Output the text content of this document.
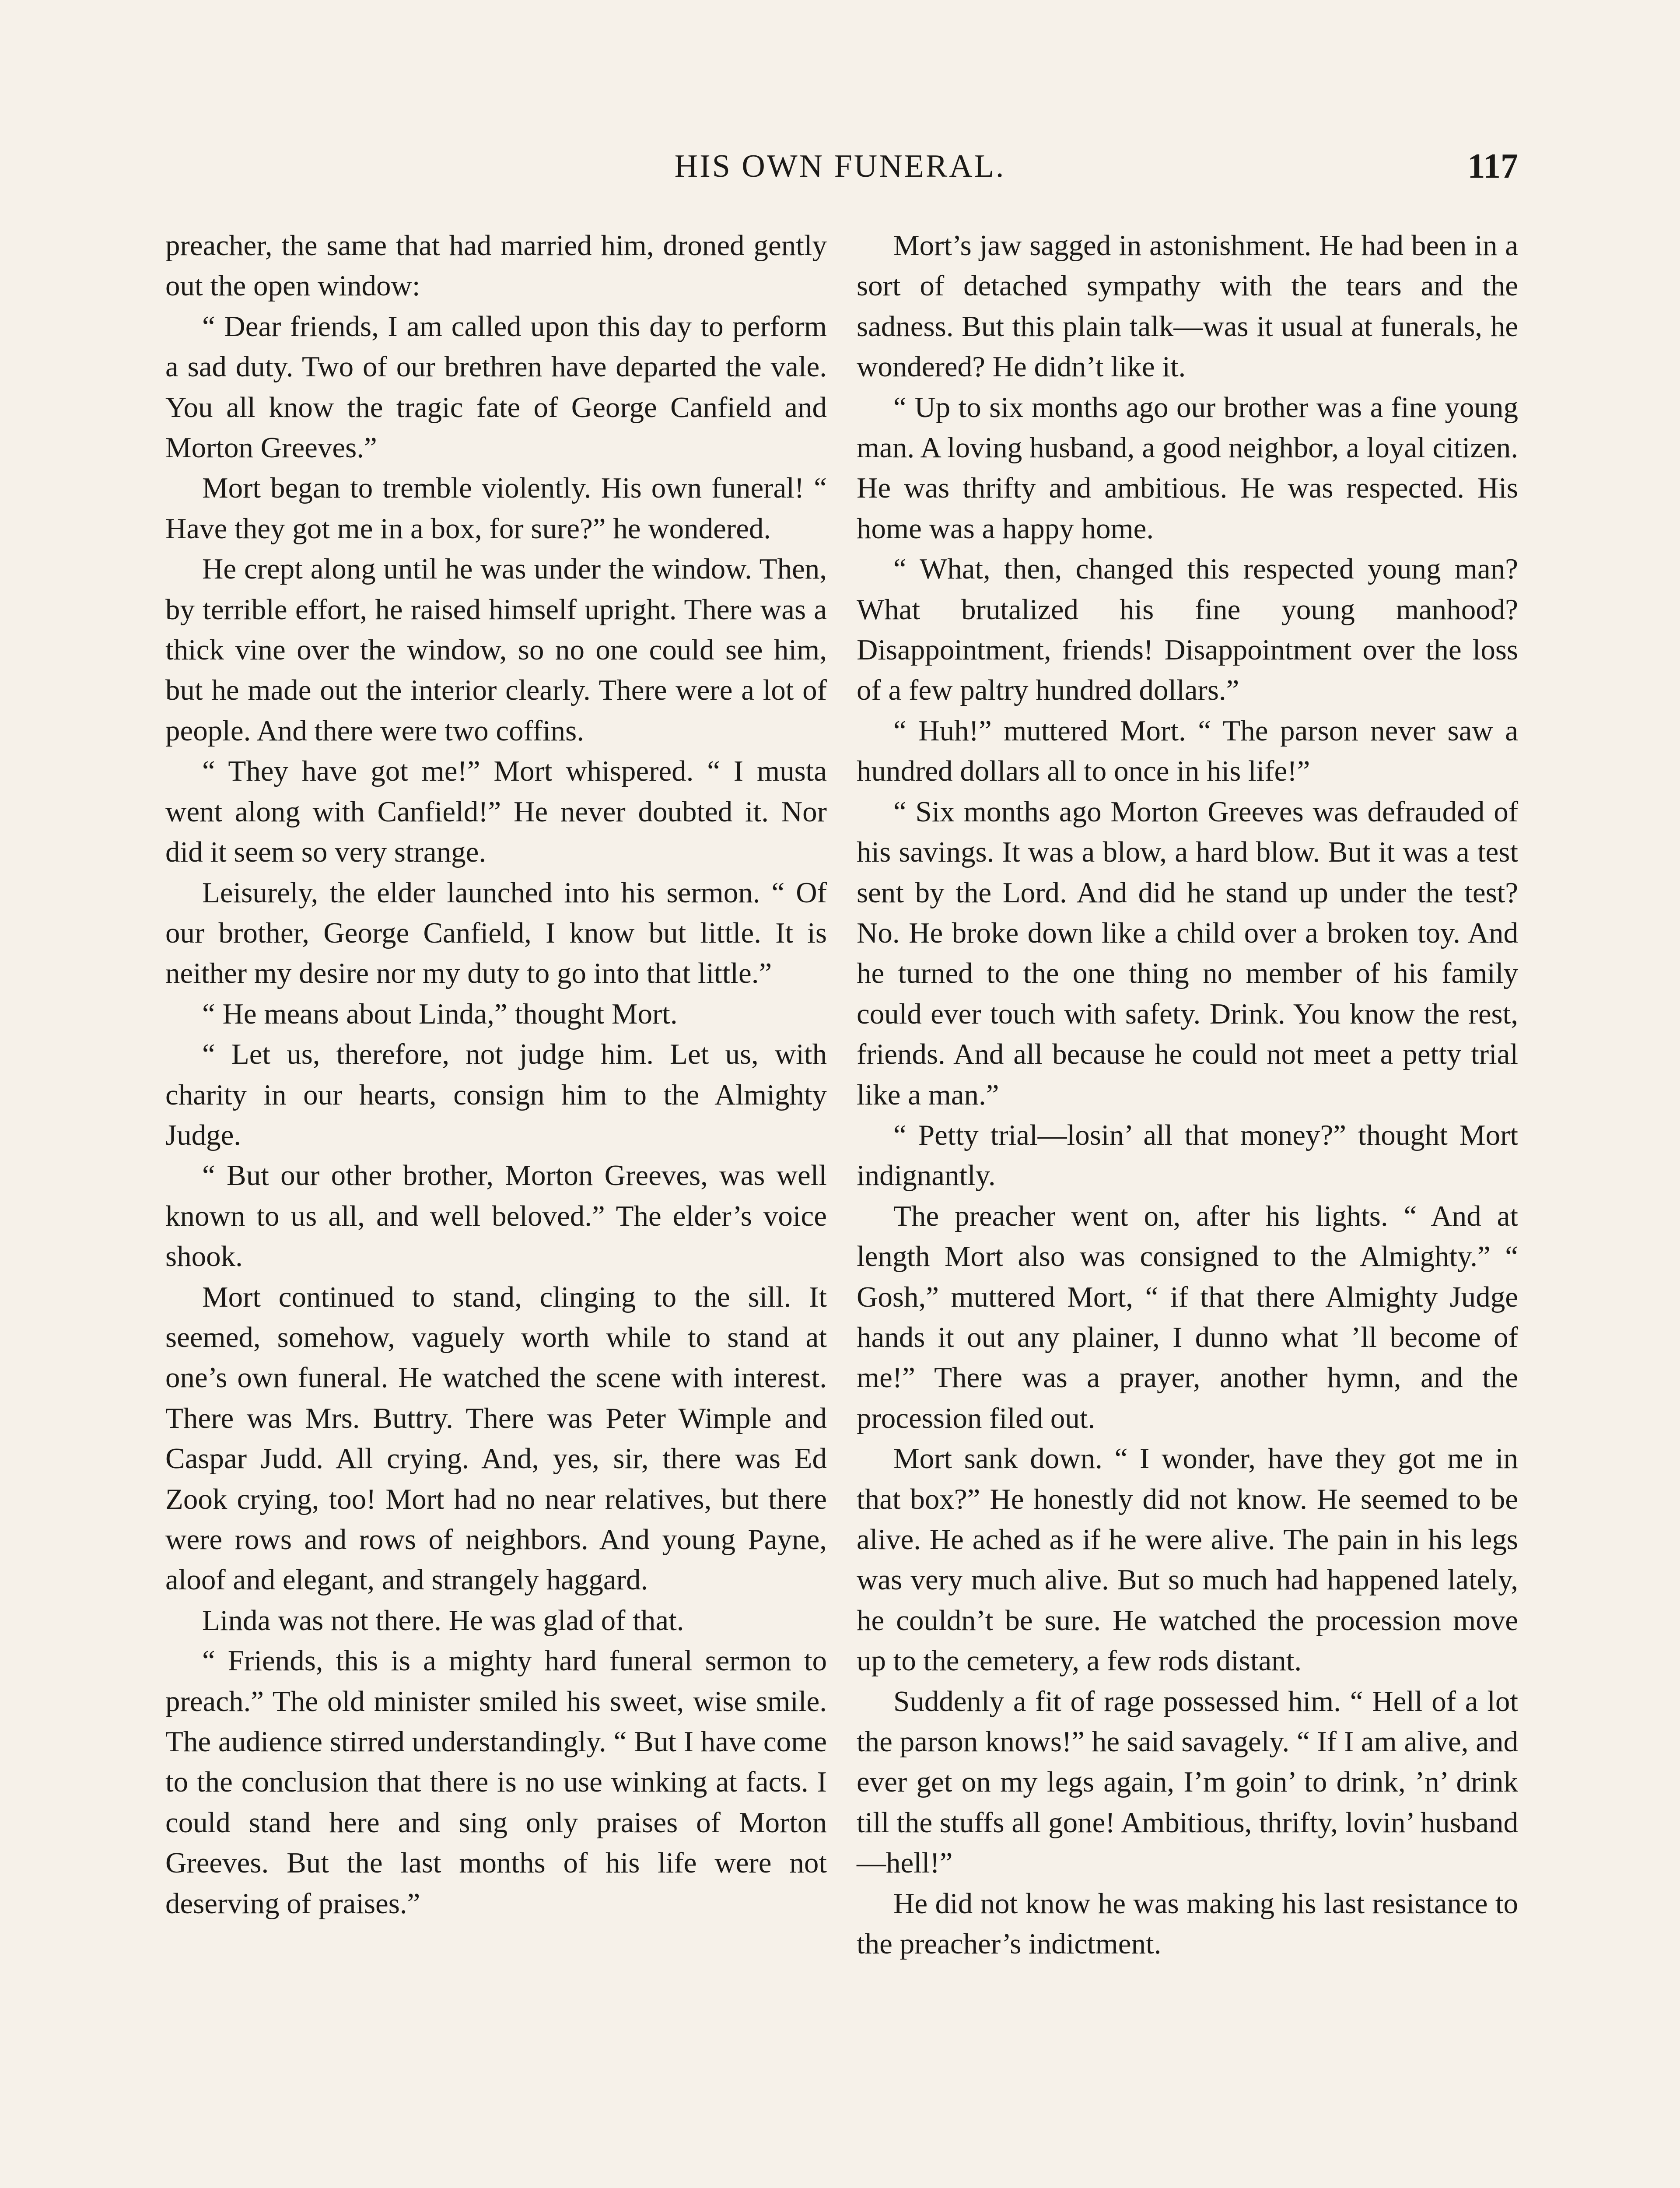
HIS OWN FUNERAL.	117

preacher, the same that had married him, droned gently out the open window:

“ Dear friends, I am called upon this day to perform a sad duty. Two of our brethren have departed the vale. You all know the tragic fate of George Canfield and Morton Greeves.”

Mort began to tremble violently. His own funeral! “ Have they got me in a box, for sure?” he wondered.

He crept along until he was under the window. Then, by terrible effort, he raised himself upright. There was a thick vine over the window, so no one could see him, but he made out the interior clearly. There were a lot of people. And there were two coffins.

“ They have got me!” Mort whispered. “ I musta went along with Canfield!” He never doubted it. Nor did it seem so very strange.

Leisurely, the elder launched into his sermon. “ Of our brother, George Canfield, I know but little. It is neither my desire nor my duty to go into that little.”

“ He means about Linda,” thought Mort.

“ Let us, therefore, not judge him. Let us, with charity in our hearts, consign him to the Almighty Judge.

“ But our other brother, Morton Greeves, was well known to us all, and well beloved.” The elder’s voice shook.

Mort continued to stand, clinging to the sill. It seemed, somehow, vaguely worth while to stand at one’s own funeral. He watched the scene with interest. There was Mrs. Buttry. There was Peter Wimple and Caspar Judd. All crying. And, yes, sir, there was Ed Zook crying, too! Mort had no near relatives, but there were rows and rows of neighbors. And young Payne, aloof and elegant, and strangely haggard.

Linda was not there. He was glad of that.

“ Friends, this is a mighty hard funeral sermon to preach.” The old minister smiled his sweet, wise smile. The audience stirred understandingly. “ But I have come to the conclusion that there is no use winking at facts. I could stand here and sing only praises of Morton Greeves. But the last months of his life were not deserving of praises.”

Mort’s jaw sagged in astonishment. He had been in a sort of detached sympathy with the tears and the sadness. But this plain talk—was it usual at funerals, he wondered? He didn’t like it.

“ Up to six months ago our brother was a fine young man. A loving husband, a good neighbor, a loyal citizen. He was thrifty and ambitious. He was respected. His home was a happy home.

“ What, then, changed this respected young man? What brutalized his fine young manhood? Disappointment, friends! Disappointment over the loss of a few paltry hundred dollars.”

“ Huh!” muttered Mort. “ The parson never saw a hundred dollars all to once in his life!”

“ Six months ago Morton Greeves was defrauded of his savings. It was a blow, a hard blow. But it was a test sent by the Lord. And did he stand up under the test? No. He broke down like a child over a broken toy. And he turned to the one thing no member of his family could ever touch with safety. Drink. You know the rest, friends. And all because he could not meet a petty trial like a man.”

“ Petty trial—losin’ all that money?” thought Mort indignantly.

The preacher went on, after his lights. “ And at length Mort also was consigned to the Almighty.” “ Gosh,” muttered Mort, “ if that there Almighty Judge hands it out any plainer, I dunno what ’ll become of me!” There was a prayer, another hymn, and the procession filed out.

Mort sank down. “ I wonder, have they got me in that box?” He honestly did not know. He seemed to be alive. He ached as if he were alive. The pain in his legs was very much alive. But so much had happened lately, he couldn’t be sure. He watched the procession move up to the cemetery, a few rods distant.

Suddenly a fit of rage possessed him. “ Hell of a lot the parson knows!” he said savagely. “ If I am alive, and ever get on my legs again, I’m goin’ to drink, ’n’ drink till the stuffs all gone! Ambitious, thrifty, lovin’ husband—hell!”

He did not know he was making his last resistance to the preacher’s indictment.
